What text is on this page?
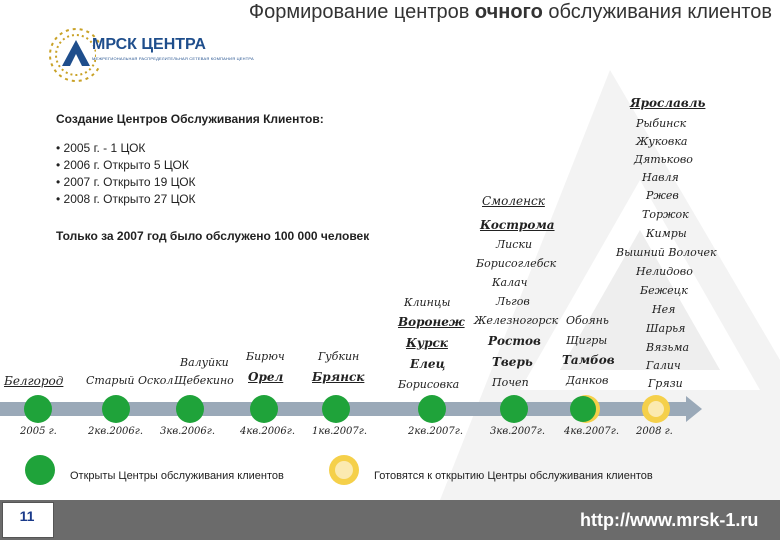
Формирование центров очного обслуживания клиентов
МРСК ЦЕНТРА
МЕЖРЕГИОНАЛЬНАЯ РАСПРЕДЕЛИТЕЛЬНАЯ СЕТЕВАЯ КОМПАНИЯ ЦЕНТРА
Создание Центров Обслуживания Клиентов:
• 2005 г. - 1 ЦОК
• 2006 г. Открыто 5 ЦОК
• 2007 г. Открыто 19 ЦОК
• 2008 г. Открыто 27 ЦОК
Только за 2007 год было обслужено 100 000 человек
Ярославль
Рыбинск
Жуковка
Дятьково
Навля
Ржев
Торжок
Кимры
Вышний Волочек
Нелидово
Бежецк
Нея
Шарья
Вязьма
Галич
Грязи
Смоленск
Кострома
Лиски
Борисоглебск
Калач
Льгов
Железногорск
Ростов
Тверь
Почеп
Обоянь
Щигры
Тамбов
Данков
Клинцы
Воронеж
Курск
Елец
Борисовка
Бирюч	Губкин
Орел Брянск
Валуйки
Щебекино
Старый Оскол
Белгород
2005 г.	2кв.2006г. 3кв.2006г. 4кв.2006г. 1кв.2007г.	2кв.2007г.	3кв.2007г. 4кв.2007г. 2008 г.
Открыты Центры обслуживания клиентов	Готовятся к открытию Центры обслуживания клиентов
11	http://www.mrsk-1.ru
